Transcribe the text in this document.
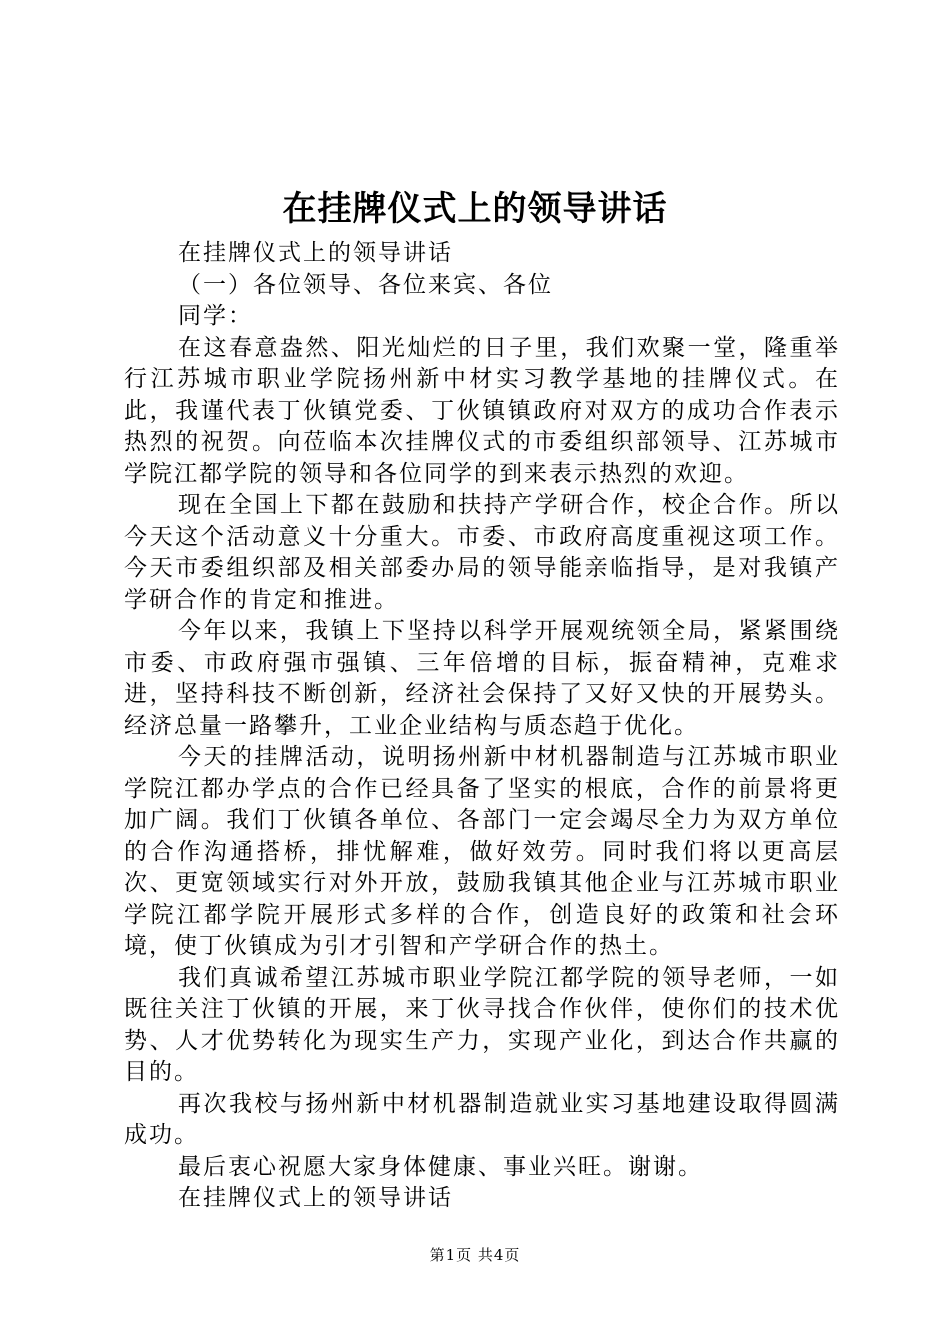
在挂牌仪式上的领导讲话

在挂牌仪式上的领导讲话

（一）各位领导、各位来宾、各位

同学：

在这春意盎然、阳光灿烂的日子里，我们欢聚一堂，隆重举行江苏城市职业学院扬州新中材实习教学基地的挂牌仪式。在此，我谨代表丁伙镇党委、丁伙镇镇政府对双方的成功合作表示热烈的祝贺。向莅临本次挂牌仪式的市委组织部领导、江苏城市学院江都学院的领导和各位同学的到来表示热烈的欢迎。

现在全国上下都在鼓励和扶持产学研合作，校企合作。所以今天这个活动意义十分重大。市委、市政府高度重视这项工作。今天市委组织部及相关部委办局的领导能亲临指导，是对我镇产学研合作的肯定和推进。

今年以来，我镇上下坚持以科学开展观统领全局，紧紧围绕市委、市政府强市强镇、三年倍增的目标，振奋精神，克难求进，坚持科技不断创新，经济社会保持了又好又快的开展势头。经济总量一路攀升，工业企业结构与质态趋于优化。

今天的挂牌活动，说明扬州新中材机器制造与江苏城市职业学院江都办学点的合作已经具备了坚实的根底，合作的前景将更加广阔。我们丁伙镇各单位、各部门一定会竭尽全力为双方单位的合作沟通搭桥，排忧解难，做好效劳。同时我们将以更高层次、更宽领域实行对外开放，鼓励我镇其他企业与江苏城市职业学院江都学院开展形式多样的合作，创造良好的政策和社会环境，使丁伙镇成为引才引智和产学研合作的热土。

我们真诚希望江苏城市职业学院江都学院的领导老师，一如既往关注丁伙镇的开展，来丁伙寻找合作伙伴，使你们的技术优势、人才优势转化为现实生产力，实现产业化，到达合作共赢的目的。

再次我校与扬州新中材机器制造就业实习基地建设取得圆满成功。

最后衷心祝愿大家身体健康、事业兴旺。谢谢。

在挂牌仪式上的领导讲话

第1页 共4页
